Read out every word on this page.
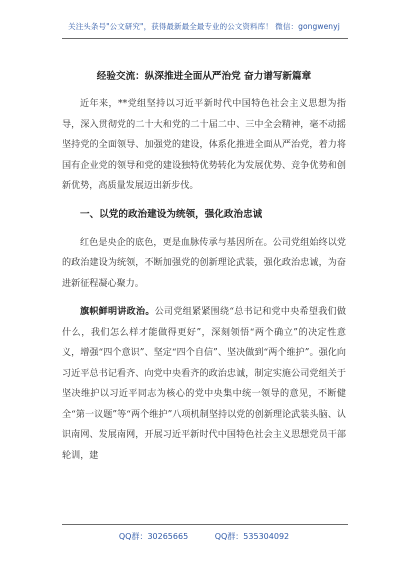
关注头条号"公文研究"，获得最新最全最专业的公文资料库！ 微信：gongwenyj
经验交流：纵深推进全面从严治党 奋力谱写新篇章

近年来，**党组坚持以习近平新时代中国特色社会主义思想为指导，深入贯彻党的二十大和党的二十届二中、三中全会精神，毫不动摇坚持党的全面领导、加强党的建设，体系化推进全面从严治党，着力将国有企业党的领导和党的建设独特优势转化为发展优势、竞争优势和创新优势，高质量发展迈出新步伐。

一、以党的政治建设为统领，强化政治忠诚

红色是央企的底色，更是血脉传承与基因所在。公司党组始终以党的政治建设为统领，不断加强党的创新理论武装，强化政治忠诚，为奋进新征程凝心聚力。

旗帜鲜明讲政治。公司党组紧紧围绕“总书记和党中央希望我们做什么，我们怎么样才能做得更好”，深刻领悟“两个确立”的决定性意义，增强“四个意识”、坚定“四个自信”、坚决做到“两个维护”。强化向习近平总书记看齐、向党中央看齐的政治忠诚，制定实施公司党组关于坚决维护以习近平同志为核心的党中央集中统一领导的意见，不断健全“第一议题”等“两个维护”八项机制坚持以党的创新理论武装头脑、认识南网、发展南网，开展习近平新时代中国特色社会主义思想党员干部轮训，建

QQ群：30265665	QQ群：535304092
